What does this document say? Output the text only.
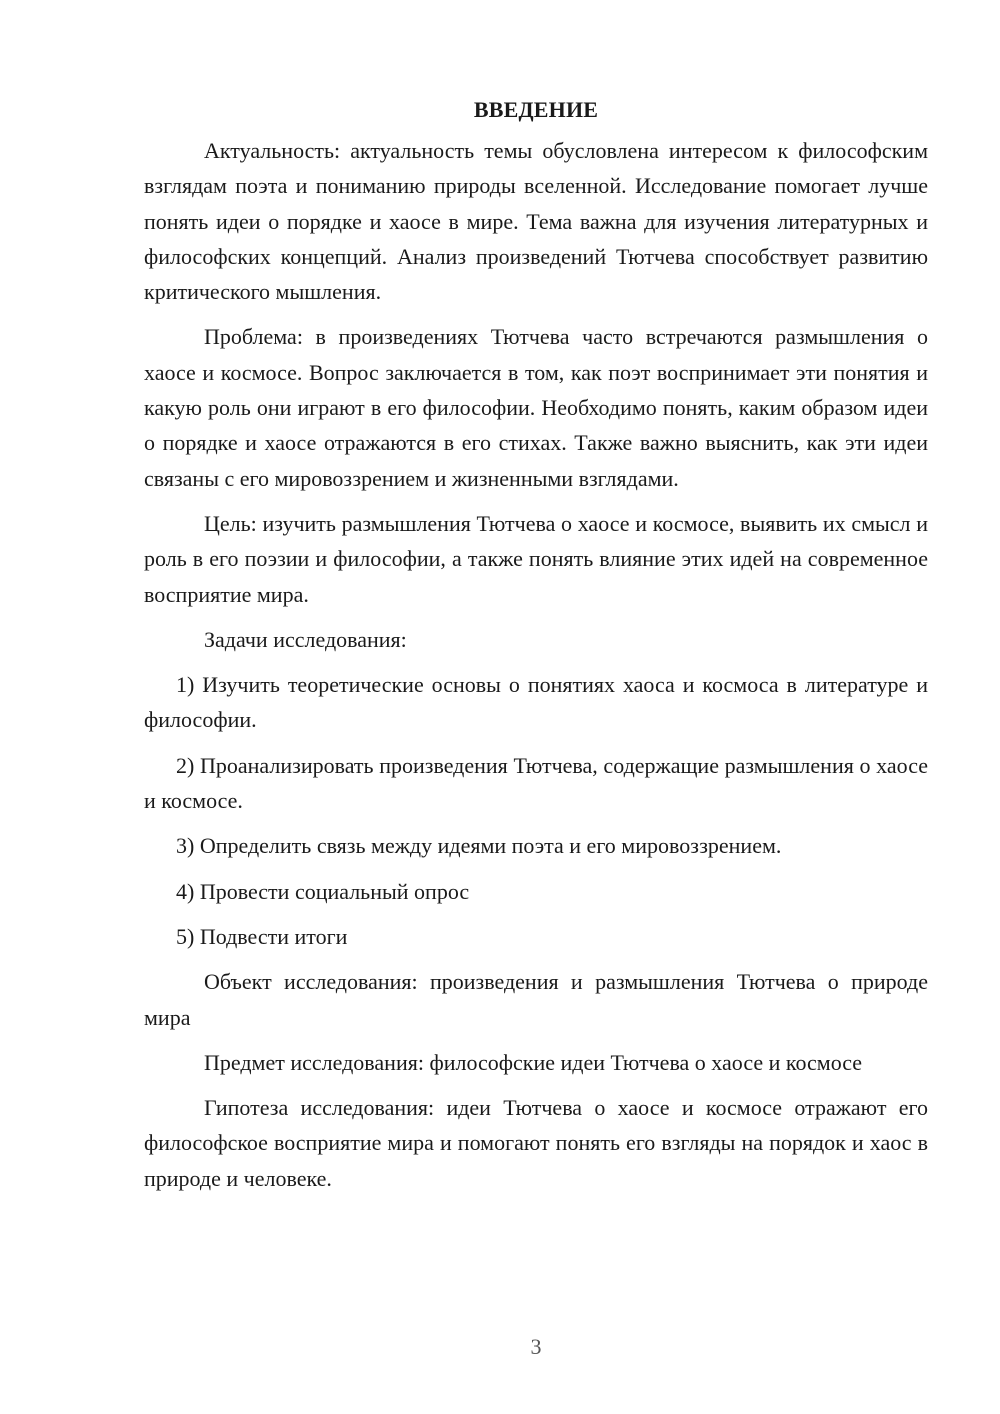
ВВЕДЕНИЕ

Актуальность: актуальность темы обусловлена интересом к философским взглядам поэта и пониманию природы вселенной. Исследование помогает лучше понять идеи о порядке и хаосе в мире. Тема важна для изучения литературных и философских концепций. Анализ произведений Тютчева способствует развитию критического мышления.

Проблема: в произведениях Тютчева часто встречаются размышления о хаосе и космосе. Вопрос заключается в том, как поэт воспринимает эти понятия и какую роль они играют в его философии. Необходимо понять, каким образом идеи о порядке и хаосе отражаются в его стихах. Также важно выяснить, как эти идеи связаны с его мировоззрением и жизненными взглядами.

Цель: изучить размышления Тютчева о хаосе и космосе, выявить их смысл и роль в его поэзии и философии, а также понять влияние этих идей на современное восприятие мира.

Задачи исследования:

1) Изучить теоретические основы о понятиях хаоса и космоса в литературе и философии.

2) Проанализировать произведения Тютчева, содержащие размышления о хаосе и космосе.

3) Определить связь между идеями поэта и его мировоззрением.

4) Провести социальный опрос

5) Подвести итоги

Объект исследования: произведения и размышления Тютчева о природе мира

Предмет исследования: философские идеи Тютчева о хаосе и космосе

Гипотеза исследования: идеи Тютчева о хаосе и космосе отражают его философское восприятие мира и помогают понять его взгляды на порядок и хаос в природе и человеке.

3
